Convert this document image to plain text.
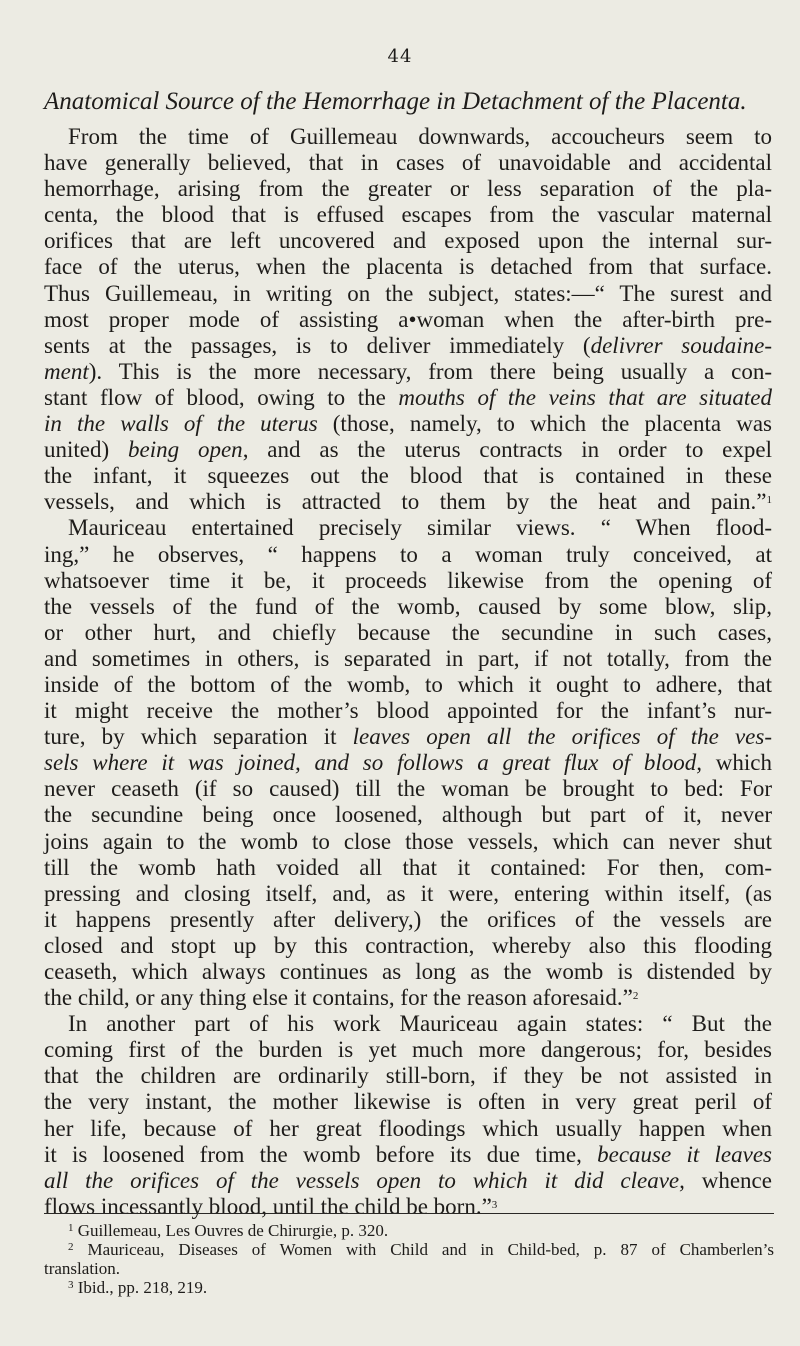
44
Anatomical Source of the Hemorrhage in Detachment of the Placenta.
From the time of Guillemeau downwards, accoucheurs seem to
have generally believed, that in cases of unavoidable and accidental
hemorrhage, arising from the greater or less separation of the pla-
centa, the blood that is effused escapes from the vascular maternal
orifices that are left uncovered and exposed upon the internal sur-
face of the uterus, when the placenta is detached from that surface.
Thus Guillemeau, in writing on the subject, states:—“ The surest and
most proper mode of assisting a•woman when the after-birth pre-
sents at the passages, is to deliver immediately (delivrer soudaine-
ment). This is the more necessary, from there being usually a con-
stant flow of blood, owing to the mouths of the veins that are situated
in the walls of the uterus (those, namely, to which the placenta was
united) being open, and as the uterus contracts in order to expel
the infant, it squeezes out the blood that is contained in these
vessels, and which is attracted to them by the heat and pain.”$^1$
Mauriceau entertained precisely similar views. “ When flood-
ing,” he observes, “ happens to a woman truly conceived, at
whatsoever time it be, it proceeds likewise from the opening of
the vessels of the fund of the womb, caused by some blow, slip,
or other hurt, and chiefly because the secundine in such cases,
and sometimes in others, is separated in part, if not totally, from the
inside of the bottom of the womb, to which it ought to adhere, that
it might receive the mother’s blood appointed for the infant’s nur-
ture, by which separation it leaves open all the orifices of the ves-
sels where it was joined, and so follows a great flux of blood, which
never ceaseth (if so caused) till the woman be brought to bed: For
the secundine being once loosened, although but part of it, never
joins again to the womb to close those vessels, which can never shut
till the womb hath voided all that it contained: For then, com-
pressing and closing itself, and, as it were, entering within itself, (as
it happens presently after delivery,) the orifices of the vessels are
closed and stopt up by this contraction, whereby also this flooding
ceaseth, which always continues as long as the womb is distended by
the child, or any thing else it contains, for the reason aforesaid.”$^2$
In another part of his work Mauriceau again states: “ But the
coming first of the burden is yet much more dangerous; for, besides
that the children are ordinarily still-born, if they be not assisted in
the very instant, the mother likewise is often in very great peril of
her life, because of her great floodings which usually happen when
it is loosened from the womb before its due time, because it leaves
all the orifices of the vessels open to which it did cleave, whence
flows incessantly blood, until the child be born.”$^3$
$^1$ Guillemeau, Les Ouvres de Chirurgie, p. 320.
$^2$ Mauriceau, Diseases of Women with Child and in Child-bed, p. 87 of Chamberlen’s
translation.
$^3$ Ibid., pp. 218, 219.
